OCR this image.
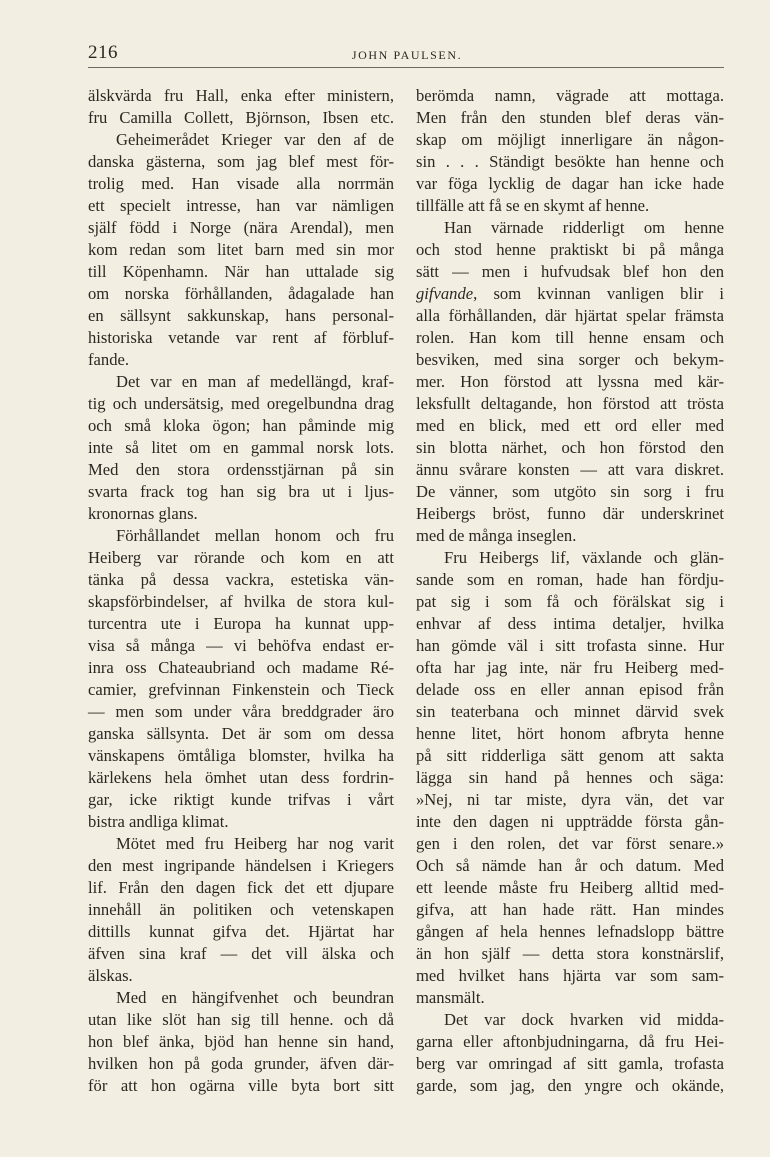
216	JOHN PAULSEN.
älskvärda fru Hall, enka efter ministern,
fru Camilla Collett, Björnson, Ibsen etc.
Geheimerådet Krieger var den af de
danska gästerna, som jag blef mest för-
trolig med. Han visade alla norrmän
ett specielt intresse, han var nämligen
själf född i Norge (nära Arendal), men
kom redan som litet barn med sin mor
till Köpenhamn. När han uttalade sig
om norska förhållanden, ådagalade han
en sällsynt sakkunskap, hans personal-
historiska vetande var rent af förbluf-
fande.
Det var en man af medellängd, kraf-
tig och undersätsig, med oregelbundna drag
och små kloka ögon; han påminde mig
inte så litet om en gammal norsk lots.
Med den stora ordensstjärnan på sin
svarta frack tog han sig bra ut i ljus-
kronornas glans.
Förhållandet mellan honom och fru
Heiberg var rörande och kom en att
tänka på dessa vackra, estetiska vän-
skapsförbindelser, af hvilka de stora kul-
turcentra ute i Europa ha kunnat upp-
visa så många — vi behöfva endast er-
inra oss Chateaubriand och madame Ré-
camier, grefvinnan Finkenstein och Tieck
— men som under våra breddgrader äro
ganska sällsynta. Det är som om dessa
vänskapens ömtåliga blomster, hvilka ha
kärlekens hela ömhet utan dess fordrin-
gar, icke riktigt kunde trifvas i vårt
bistra andliga klimat.
Mötet med fru Heiberg har nog varit
den mest ingripande händelsen i Kriegers
lif. Från den dagen fick det ett djupare
innehåll än politiken och vetenskapen
dittills kunnat gifva det. Hjärtat har
äfven sina kraf — det vill älska och
älskas.
Med en hängifvenhet och beundran
utan like slöt han sig till henne. och då
hon blef änka, bjöd han henne sin hand,
hvilken hon på goda grunder, äfven där-
för att hon ogärna ville byta bort sitt
berömda namn, vägrade att mottaga.
Men från den stunden blef deras vän-
skap om möjligt innerligare än någon-
sin . . . Ständigt besökte han henne och
var föga lycklig de dagar han icke hade
tillfälle att få se en skymt af henne.
Han värnade ridderligt om henne
och stod henne praktiskt bi på många
sätt — men i hufvudsak blef hon den
gifvande, som kvinnan vanligen blir i
alla förhållanden, där hjärtat spelar främsta
rolen. Han kom till henne ensam och
besviken, med sina sorger och bekym-
mer. Hon förstod att lyssna med kär-
leksfullt deltagande, hon förstod att trösta
med en blick, med ett ord eller med
sin blotta närhet, och hon förstod den
ännu svårare konsten — att vara diskret.
De vänner, som utgöto sin sorg i fru
Heibergs bröst, funno där underskrinet
med de många inseglen.
Fru Heibergs lif, växlande och glän-
sande som en roman, hade han fördju-
pat sig i som få och förälskat sig i
enhvar af dess intima detaljer, hvilka
han gömde väl i sitt trofasta sinne. Hur
ofta har jag inte, när fru Heiberg med-
delade oss en eller annan episod från
sin teaterbana och minnet därvid svek
henne litet, hört honom afbryta henne
på sitt ridderliga sätt genom att sakta
lägga sin hand på hennes och säga:
»Nej, ni tar miste, dyra vän, det var
inte den dagen ni uppträdde första gån-
gen i den rolen, det var först senare.»
Och så nämde han år och datum. Med
ett leende måste fru Heiberg alltid med-
gifva, att han hade rätt. Han mindes
gången af hela hennes lefnadslopp bättre
än hon själf — detta stora konstnärslif,
med hvilket hans hjärta var som sam-
mansmält.
Det var dock hvarken vid midda-
garna eller aftonbjudningarna, då fru Hei-
berg var omringad af sitt gamla, trofasta
garde, som jag, den yngre och okände,
